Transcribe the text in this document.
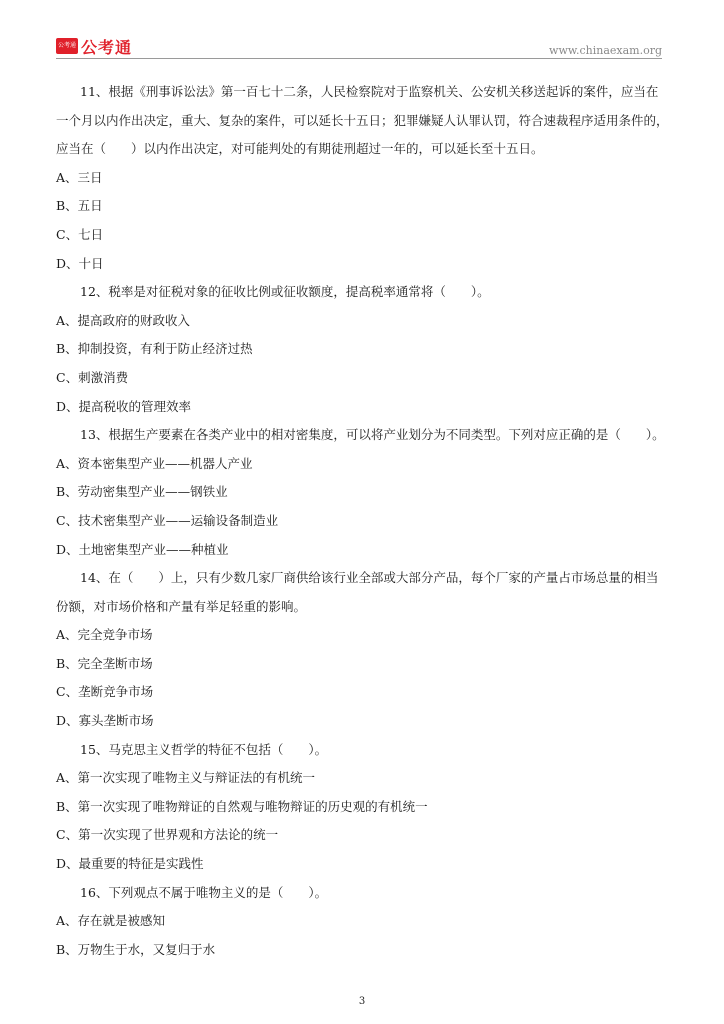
公考通 公考通	www.chinaexam.org
11、根据《刑事诉讼法》第一百七十二条，人民检察院对于监察机关、公安机关移送起诉的案件，应当在
一个月以内作出决定，重大、复杂的案件，可以延长十五日；犯罪嫌疑人认罪认罚，符合速裁程序适用条件的，
应当在（　　）以内作出决定，对可能判处的有期徒刑超过一年的，可以延长至十五日。
A、三日
B、五日
C、七日
D、十日
12、税率是对征税对象的征收比例或征收额度，提高税率通常将（　　）。
A、提高政府的财政收入
B、抑制投资，有利于防止经济过热
C、刺激消费
D、提高税收的管理效率
13、根据生产要素在各类产业中的相对密集度，可以将产业划分为不同类型。下列对应正确的是（　　）。
A、资本密集型产业——机器人产业
B、劳动密集型产业——钢铁业
C、技术密集型产业——运输设备制造业
D、土地密集型产业——种植业
14、在（　　）上，只有少数几家厂商供给该行业全部或大部分产品，每个厂家的产量占市场总量的相当
份额，对市场价格和产量有举足轻重的影响。
A、完全竞争市场
B、完全垄断市场
C、垄断竞争市场
D、寡头垄断市场
15、马克思主义哲学的特征不包括（　　）。
A、第一次实现了唯物主义与辩证法的有机统一
B、第一次实现了唯物辩证的自然观与唯物辩证的历史观的有机统一
C、第一次实现了世界观和方法论的统一
D、最重要的特征是实践性
16、下列观点不属于唯物主义的是（　　）。
A、存在就是被感知
B、万物生于水，又复归于水
3
